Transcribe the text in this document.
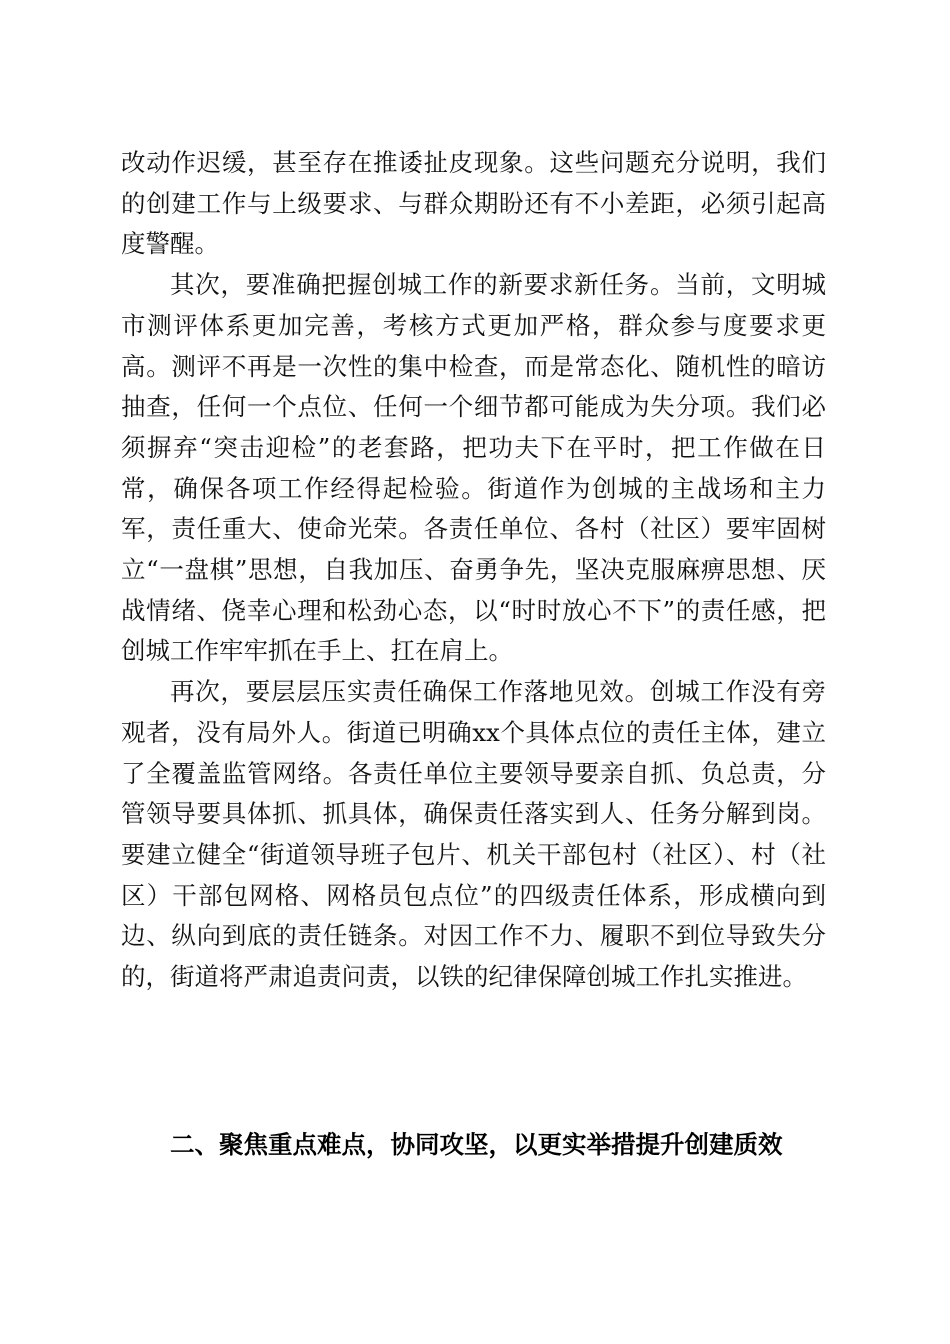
改动作迟缓，甚至存在推诿扯皮现象。这些问题充分说明，我们的创建工作与上级要求、与群众期盼还有不小差距，必须引起高度警醒。

其次，要准确把握创城工作的新要求新任务。当前，文明城市测评体系更加完善，考核方式更加严格，群众参与度要求更高。测评不再是一次性的集中检查，而是常态化、随机性的暗访抽查，任何一个点位、任何一个细节都可能成为失分项。我们必须摒弃“突击迎检”的老套路，把功夫下在平时，把工作做在日常，确保各项工作经得起检验。街道作为创城的主战场和主力军，责任重大、使命光荣。各责任单位、各村（社区）要牢固树立“一盘棋”思想，自我加压、奋勇争先，坚决克服麻痹思想、厌战情绪、侥幸心理和松劲心态，以“时时放心不下”的责任感，把创城工作牢牢抓在手上、扛在肩上。

再次，要层层压实责任确保工作落地见效。创城工作没有旁观者，没有局外人。街道已明确xx个具体点位的责任主体，建立了全覆盖监管网络。各责任单位主要领导要亲自抓、负总责，分管领导要具体抓、抓具体，确保责任落实到人、任务分解到岗。要建立健全“街道领导班子包片、机关干部包村（社区）、村（社区）干部包网格、网格员包点位”的四级责任体系，形成横向到边、纵向到底的责任链条。对因工作不力、履职不到位导致失分的，街道将严肃追责问责，以铁的纪律保障创城工作扎实推进。

二、聚焦重点难点，协同攻坚，以更实举措提升创建质效
